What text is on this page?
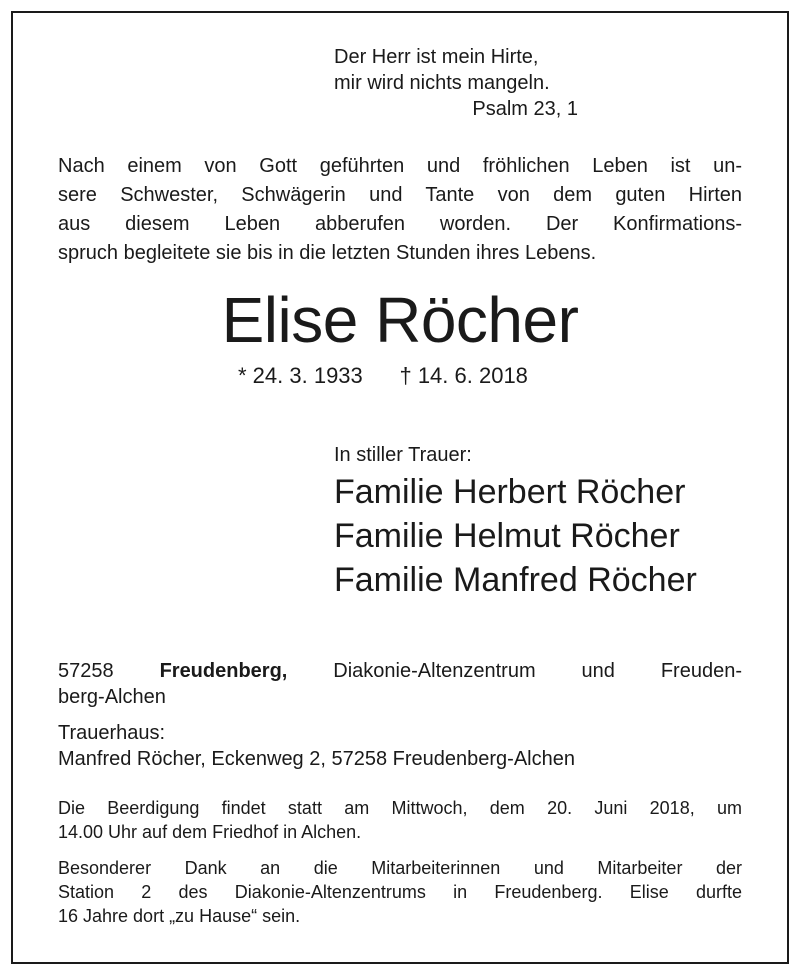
Der Herr ist mein Hirte,
mir wird nichts mangeln.
Psalm 23, 1
Nach einem von Gott geführten und fröhlichen Leben ist un-
sere Schwester, Schwägerin und Tante von dem guten Hirten
aus diesem Leben abberufen worden. Der Konfirmations-
spruch begleitete sie bis in die letzten Stunden ihres Lebens.
Elise Röcher
* 24. 3. 1933 † 14. 6. 2018
In stiller Trauer:
Familie Herbert Röcher
Familie Helmut Röcher
Familie Manfred Röcher
57258 Freudenberg, Diakonie-Altenzentrum und Freuden-
berg-Alchen
Trauerhaus:
Manfred Röcher, Eckenweg 2, 57258 Freudenberg-Alchen
Die Beerdigung findet statt am Mittwoch, dem 20. Juni 2018, um
14.00 Uhr auf dem Friedhof in Alchen.
Besonderer Dank an die Mitarbeiterinnen und Mitarbeiter der
Station 2 des Diakonie-Altenzentrums in Freudenberg. Elise durfte
16 Jahre dort „zu Hause“ sein.
